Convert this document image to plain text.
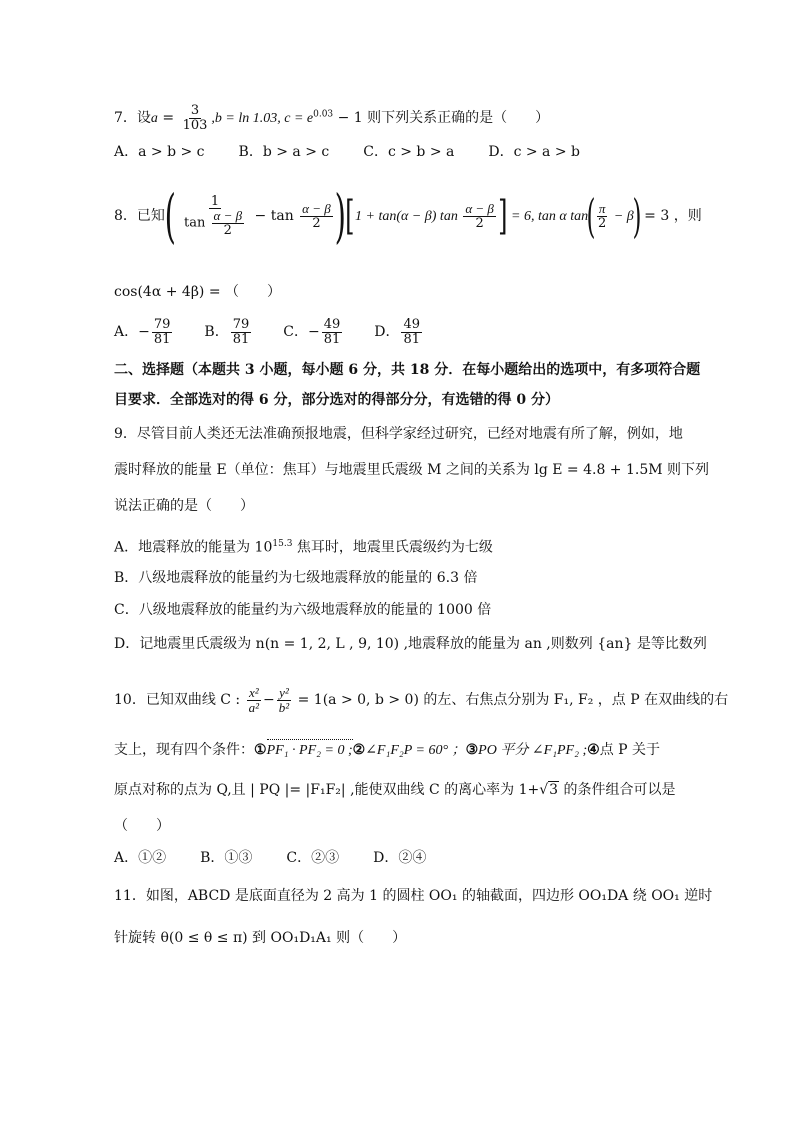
7．设$a = \frac{3}{103} ,b = \ln 1.03$, $c = e^{0.03} - 1$ 则下列关系正确的是（　　）
A．a > b > c B．b > a > c C．c > b > a D．c > a > b
8．已知( $\frac{1}{\tan \frac{\alpha - \beta}{2}} - \tan \frac{\alpha - \beta}{2} )[1 + \tan(\alpha - \beta)$ $\tan \frac{\alpha - \beta}{2}$ ] = 6, tan α $\tan( \frac{\pi}{2} - \beta) = 3$ ，则
cos(4α + 4β) = （　　）
A．− $\frac{79}{81}$ B． $\frac{79}{81}$ C．− $\frac{49}{81}$ D． $\frac{49}{81}$
二、选择题（本题共 3 小题，每小题 6 分，共 18 分．在每小题给出的选项中，有多项符合题
目要求．全部选对的得 6 分，部分选对的得部分分，有选错的得 0 分）
9．尽管目前人类还无法准确预报地震，但科学家经过研究，已经对地震有所了解，例如，地
震时释放的能量 E（单位：焦耳）与地震里氏震级 M 之间的关系为 lg E = 4.8 + 1.5M 则下列
说法正确的是（　　）
A．地震释放的能量为 $10^{15.3}$ 焦耳时，地震里氏震级约为七级
B．八级地震释放的能量约为七级地震释放的能量的 6.3 倍
C．八级地震释放的能量约为六级地震释放的能量的 1000 倍
D．记地震里氏震级为 n(n = 1, 2, L , 9, 10) ,地震释放的能量为 an ,则数列 {an} 是等比数列
10．已知双曲线 C : $\frac{\text{x²}}{\text{a²}} - \frac{\text{y²}}{\text{b²}} = 1(a > 0$, b > 0) 的左、右焦点分别为 F₁, F₂ ，点 P 在双曲线的右
支上，现有四个条件：①PF₁ · PF₂ = 0 ;②∠F₁F₂P = 60° ；③PO 平分 ∠F₁PF₂ ;④点 P 关于
原点对称的点为 Q,且 | PQ |= |F₁F₂| ,能使双曲线 C 的离心率为 1+√3 的条件组合可以是
（　　）
A．①② B．①③ C．②③ D．②④
11．如图，ABCD 是底面直径为 2 高为 1 的圆柱 OO₁ 的轴截面，四边形 OO₁DA 绕 OO₁ 逆时
针旋转 θ(0 ≤ θ ≤ π) 到 OO₁D₁A₁ 则（　　）
